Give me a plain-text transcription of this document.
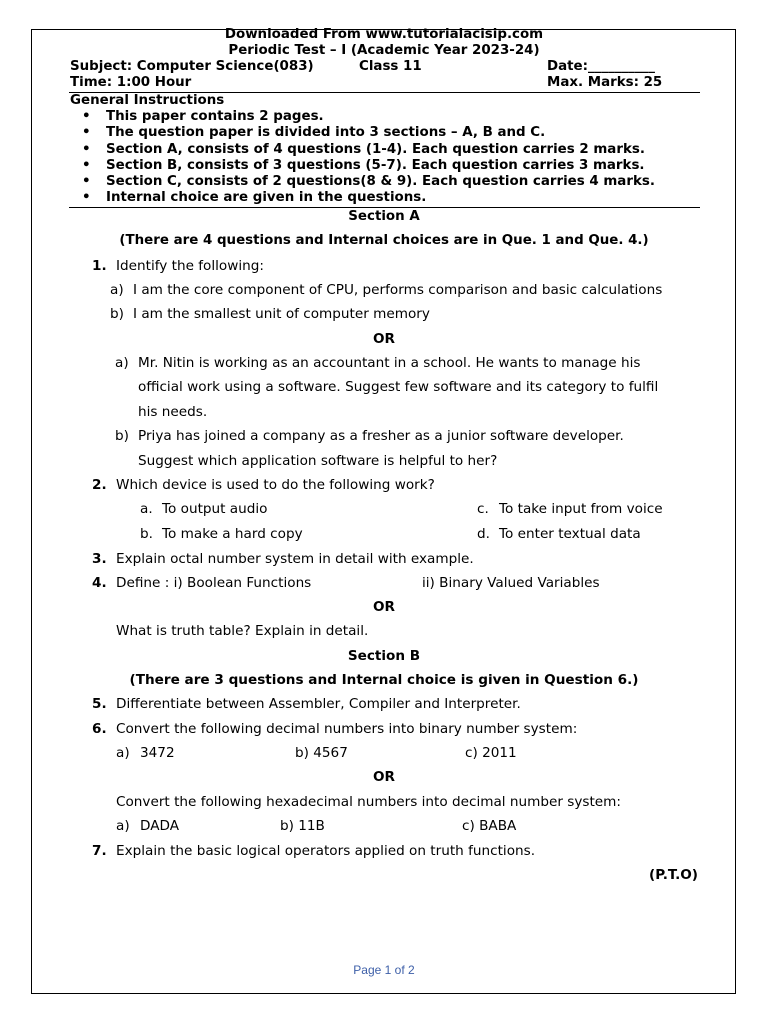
Downloaded From www.tutorialacisip.com
Periodic Test – I (Academic Year 2023-24)
Subject: Computer Science(083)	Class 11	Date:__________
Time: 1:00 Hour	Max. Marks: 25
General Instructions
• This paper contains 2 pages.
• The question paper is divided into 3 sections – A, B and C.
• Section A, consists of 4 questions (1-4). Each question carries 2 marks.
• Section B, consists of 3 questions (5-7). Each question carries 3 marks.
• Section C, consists of 2 questions(8 & 9). Each question carries 4 marks.
• Internal choice are given in the questions.
Section A
(There are 4 questions and Internal choices are in Que. 1 and Que. 4.)
1. Identify the following:
a) I am the core component of CPU, performs comparison and basic calculations
b) I am the smallest unit of computer memory
OR
a) Mr. Nitin is working as an accountant in a school. He wants to manage his
official work using a software. Suggest few software and its category to fulfil
his needs.
b) Priya has joined a company as a fresher as a junior software developer.
Suggest which application software is helpful to her?
2. Which device is used to do the following work?
a. To output audio
b. To make a hard copy
c. To take input from voice
d. To enter textual data
3. Explain octal number system in detail with example.
4. Define : i) Boolean Functions	ii) Binary Valued Variables
OR
What is truth table? Explain in detail.
Section B
(There are 3 questions and Internal choice is given in Question 6.)
5. Differentiate between Assembler, Compiler and Interpreter.
6. Convert the following decimal numbers into binary number system:
a) 3472	b) 4567	c) 2011
OR
Convert the following hexadecimal numbers into decimal number system:
a) DADA	b) 11B	c) BABA
7. Explain the basic logical operators applied on truth functions.
(P.T.O)
Page 1 of 2
